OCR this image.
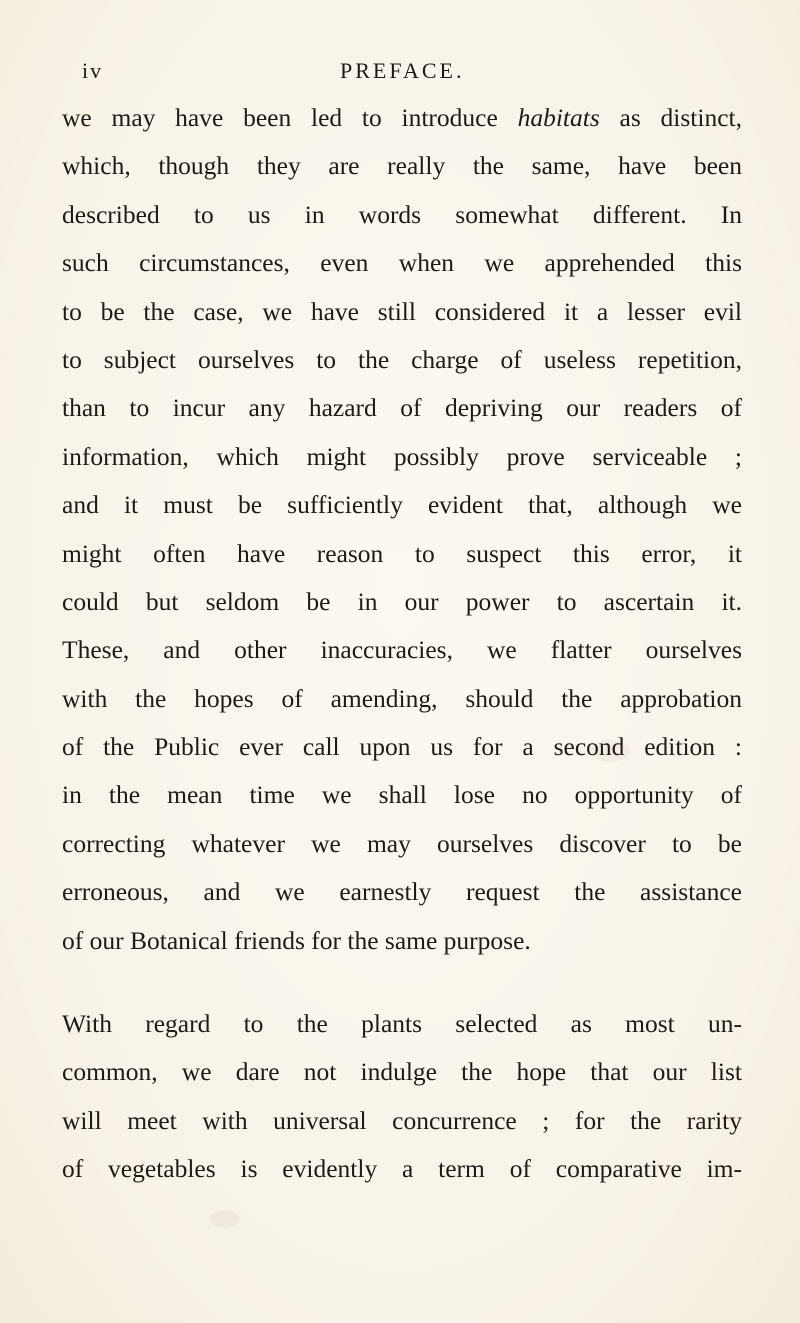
iv	PREFACE.
we may have been led to introduce habitats as distinct,
which, though they are really the same, have been
described to us in words somewhat different. In
such circumstances, even when we apprehended this
to be the case, we have still considered it a lesser evil
to subject ourselves to the charge of useless repetition,
than to incur any hazard of depriving our readers of
information, which might possibly prove serviceable ;
and it must be sufficiently evident that, although we
might often have reason to suspect this error, it
could but seldom be in our power to ascertain it.
These, and other inaccuracies, we flatter ourselves
with the hopes of amending, should the approbation
of the Public ever call upon us for a second edition :
in the mean time we shall lose no opportunity of
correcting whatever we may ourselves discover to be
erroneous, and we earnestly request the assistance
of our Botanical friends for the same purpose.
With regard to the plants selected as most un-
common, we dare not indulge the hope that our list
will meet with universal concurrence ; for the rarity
of vegetables is evidently a term of comparative im-
